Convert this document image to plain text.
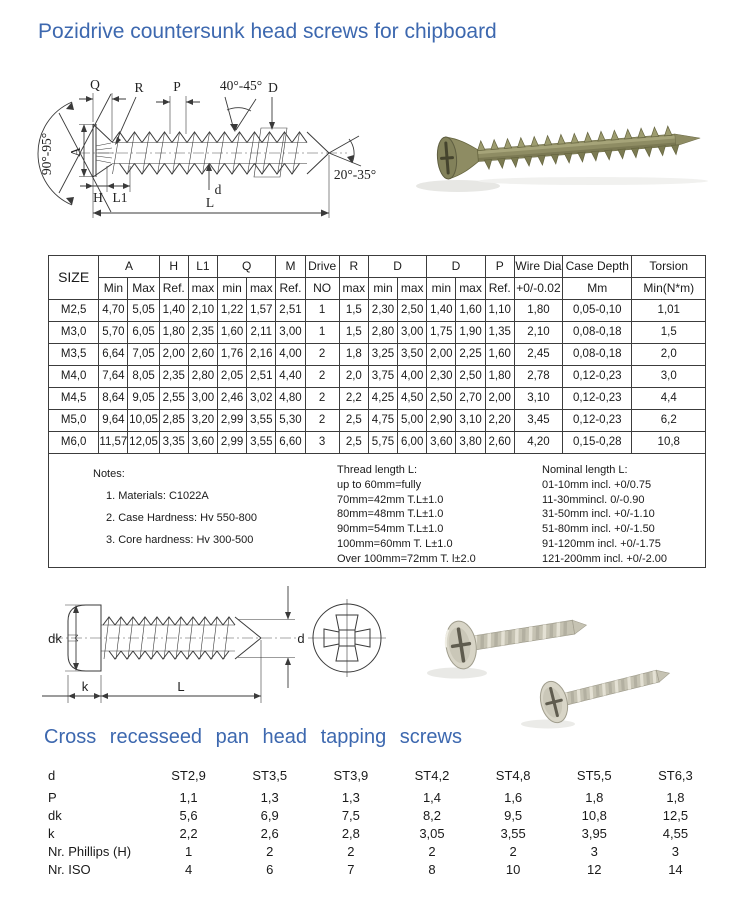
Pozidrive countersunk head screws for chipboard
90°-95° A
Q	R P	40°-45° D
H L1
d
L
20°-35°
SIZE	A		H	L1	Q		M	Drive	R	D		D		P	Wire Dia	Case Depth	Torsion
	Min	Max	Ref.	max	min	max	Ref.	NO	max	min	max	min	max	Ref.	+0/-0.02	Mm	Min(N*m)
M2,5	4,70	5,05	1,40	2,10	1,22	1,57	2,51	1	1,5	2,30	2,50	1,40	1,60	1,10	1,80	0,05-0,10	1,01
M3,0	5,70	6,05	1,80	2,35	1,60	2,11	3,00	1	1,5	2,80	3,00	1,75	1,90	1,35	2,10	0,08-0,18	1,5
M3,5	6,64	7,05	2,00	2,60	1,76	2,16	4,00	2	1,8	3,25	3,50	2,00	2,25	1,60	2,45	0,08-0,18	2,0
M4,0	7,64	8,05	2,35	2,80	2,05	2,51	4,40	2	2,0	3,75	4,00	2,30	2,50	1,80	2,78	0,12-0,23	3,0
M4,5	8,64	9,05	2,55	3,00	2,46	3,02	4,80	2	2,2	4,25	4,50	2,50	2,70	2,00	3,10	0,12-0,23	4,4
M5,0	9,64	10,05	2,85	3,20	2,99	3,55	5,30	2	2,5	4,75	5,00	2,90	3,10	2,20	3,45	0,12-0,23	6,2
M6,0	11,57	12,05	3,35	3,60	2,99	3,55	6,60	3	2,5	5,75	6,00	3,60	3,80	2,60	4,20	0,15-0,28	10,8

Notes:
1. Materials: C1022A
2. Case Hardness: Hv 550-800
3. Core hardness: Hv 300-500
Thread length L:
up to 60mm=fully
70mm=42mm T.L±1.0
80mm=48mm T.L±1.0
90mm=54mm T.L±1.0
100mm=60mm T. L±1.0
Over 100mm=72mm T. l±2.0
Nominal length L:
01-10mm incl. +0/0.75
11-30mmincl. 0/-0.90
31-50mm incl. +0/-1.10
51-80mm incl. +0/-1.50
91-120mm incl. +0/-1.75
121-200mm incl. +0/-2.00
dk
k	L
d
Cross recesseed pan head tapping screws
d	ST2,9	ST3,5	ST3,9	ST4,2	ST4,8	ST5,5	ST6,3
P	1,1	1,3	1,3	1,4	1,6	1,8	1,8
dk	5,6	6,9	7,5	8,2	9,5	10,8	12,5
k	2,2	2,6	2,8	3,05	3,55	3,95	4,55
Nr. Phillips (H)	1	2	2	2	2	3	3
Nr. ISO	4	6	7	8	10	12	14
